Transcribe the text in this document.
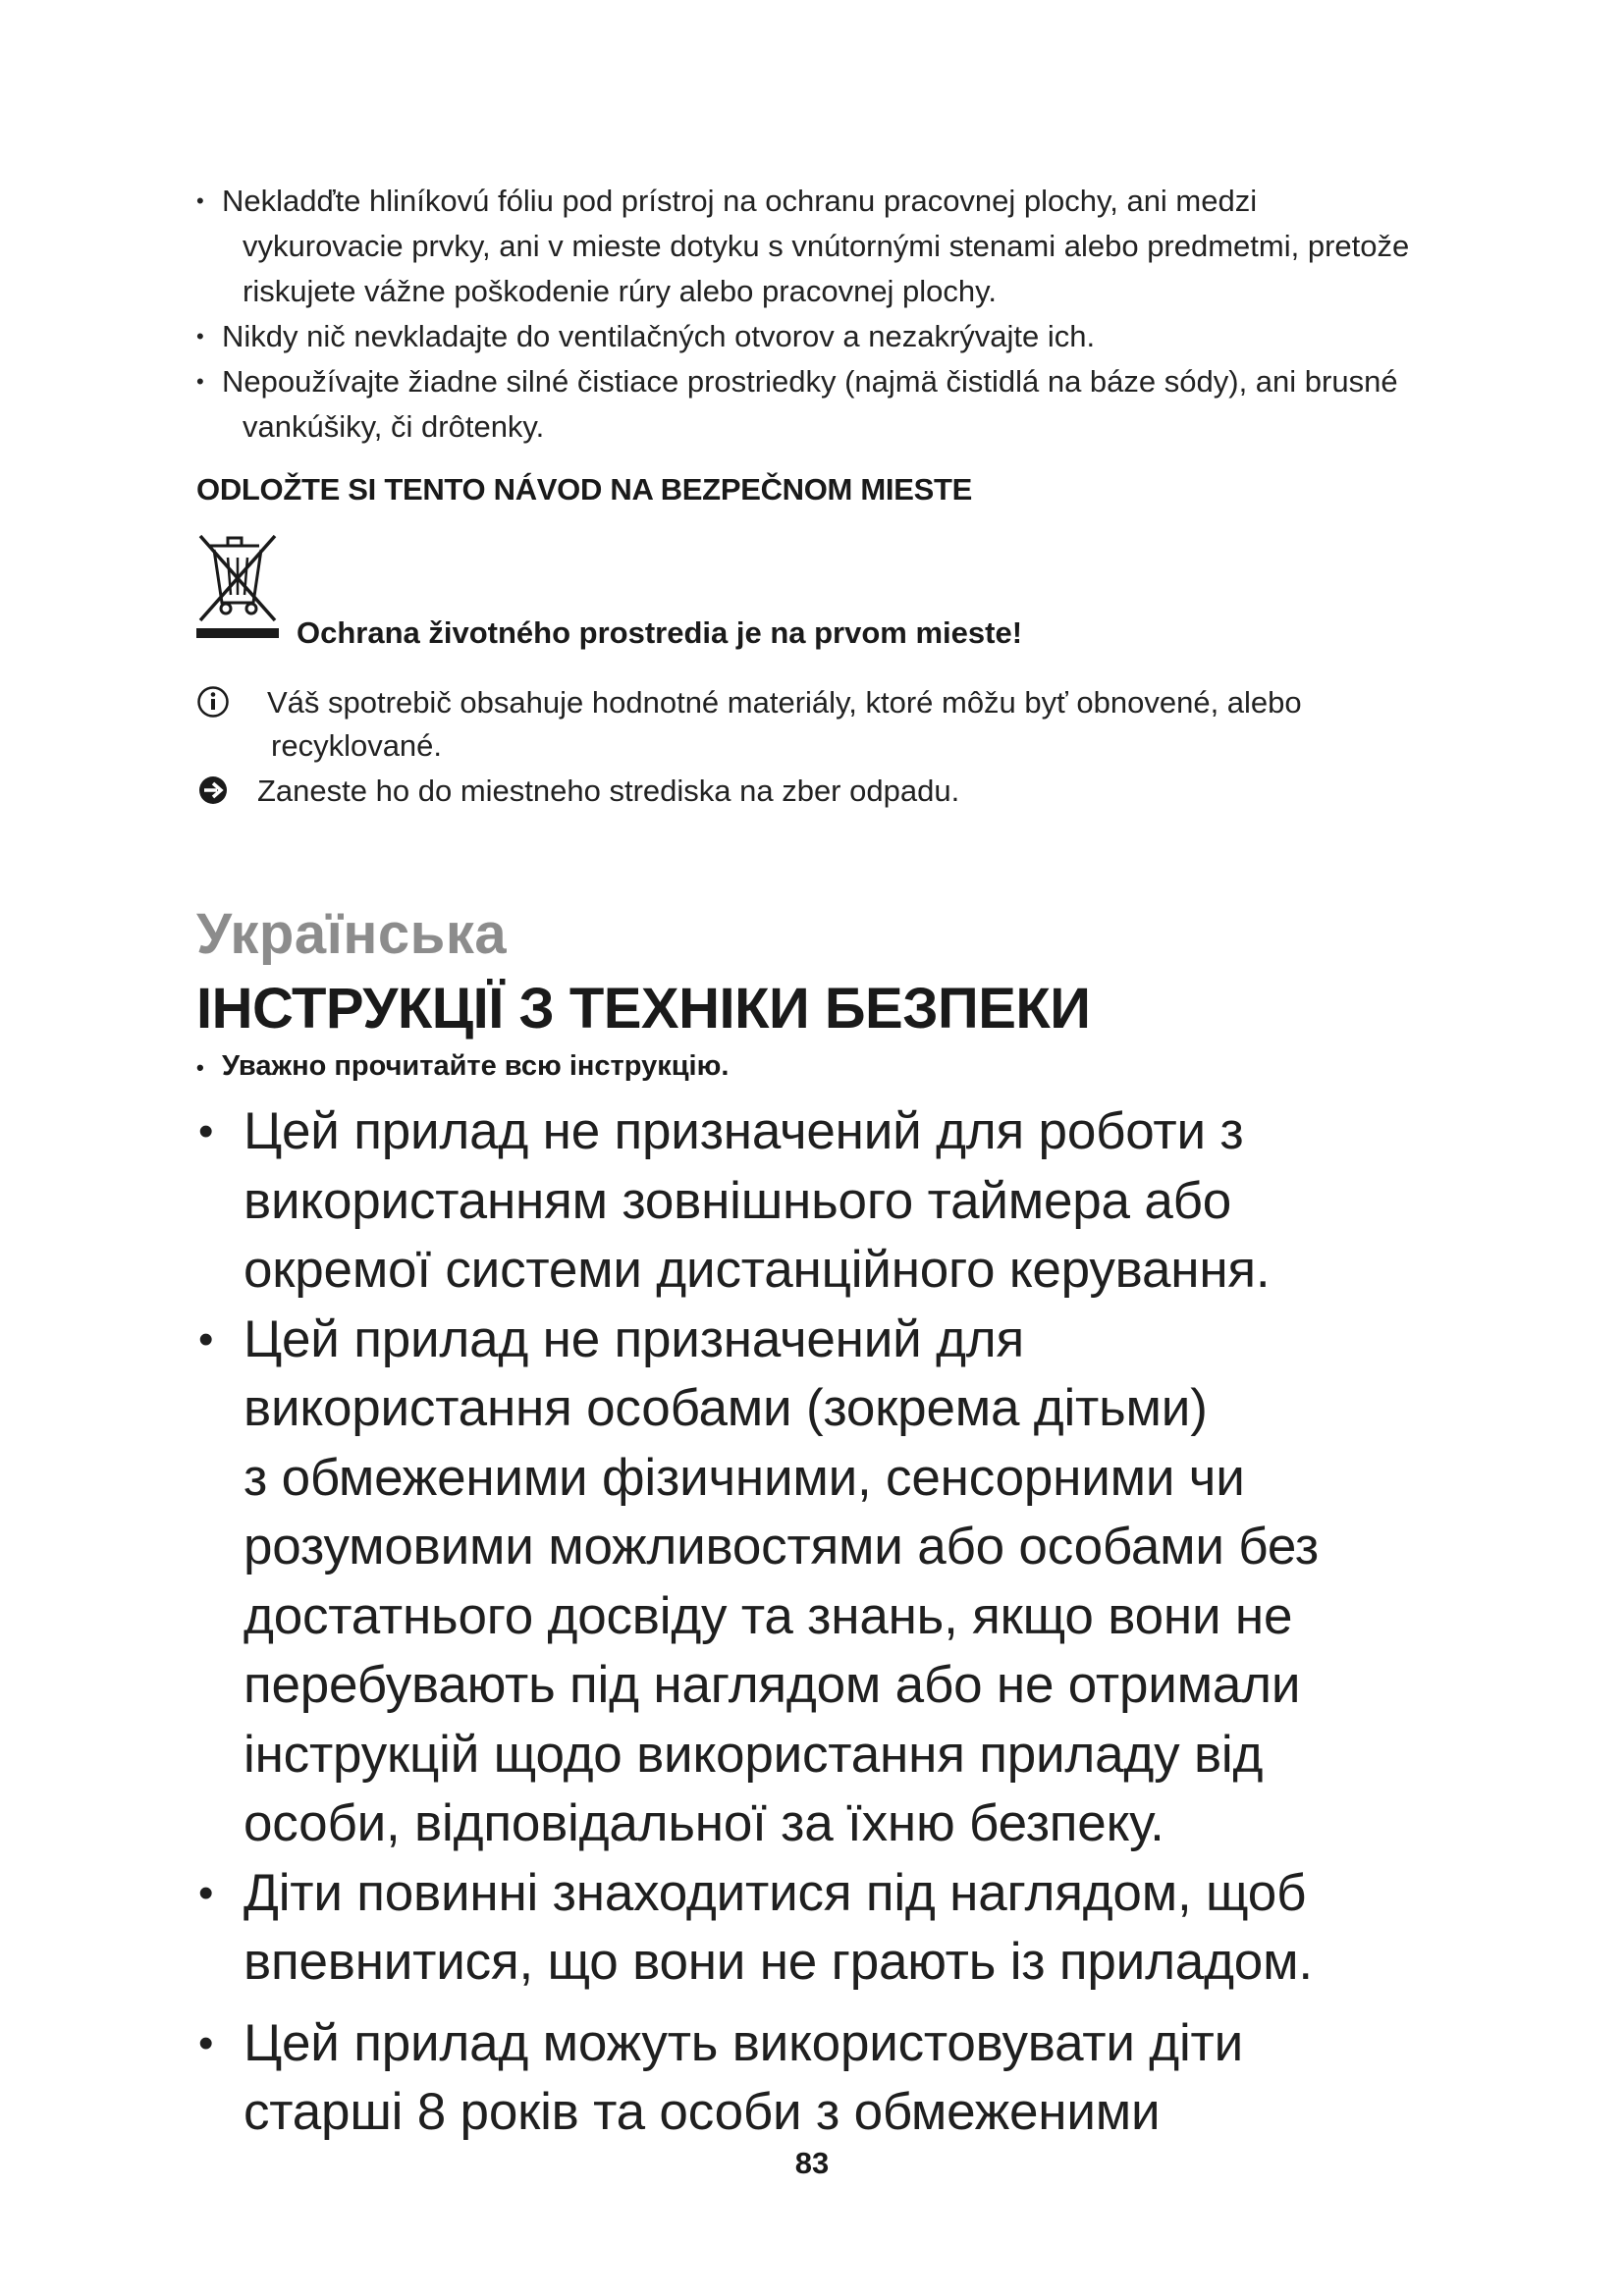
• Nekladďte hliníkovú fóliu pod prístroj na ochranu pracovnej plochy, ani medzi
vykurovacie prvky, ani v mieste dotyku s vnútornými stenami alebo predmetmi, pretože
riskujete vážne poškodenie rúry alebo pracovnej plochy.
• Nikdy nič nevkladajte do ventilačných otvorov a nezakrývajte ich.
• Nepoužívajte žiadne silné čistiace prostriedky (najmä čistidlá na báze sódy), ani brusné
vankúšiky, či drôtenky.
ODLOŽTE SI TENTO NÁVOD NA BEZPEČNOM MIESTE
Ochrana životného prostredia je na prvom mieste!
Váš spotrebič obsahuje hodnotné materiály, ktoré môžu byť obnovené, alebo
recyklované.
Zaneste ho do miestneho strediska na zber odpadu.
Українська
ІНСТРУКЦІЇ З ТЕХНІКИ БЕЗПЕКИ
• Уважно прочитайте всю інструкцію.
• Цей прилад не призначений для роботи з
використанням зовнішнього таймера або
окремої системи дистанційного керування.
• Цей прилад не призначений для
використання особами (зокрема дітьми)
з обмеженими фізичними, сенсорними чи
розумовими можливостями або особами без
достатнього досвіду та знань, якщо вони не
перебувають під наглядом або не отримали
інструкцій щодо використання приладу від
особи, відповідальної за їхню безпеку.
• Діти повинні знаходитися під наглядом, щоб
впевнитися, що вони не грають із приладом.
• Цей прилад можуть використовувати діти
старші 8 років та особи з обмеженими
83
